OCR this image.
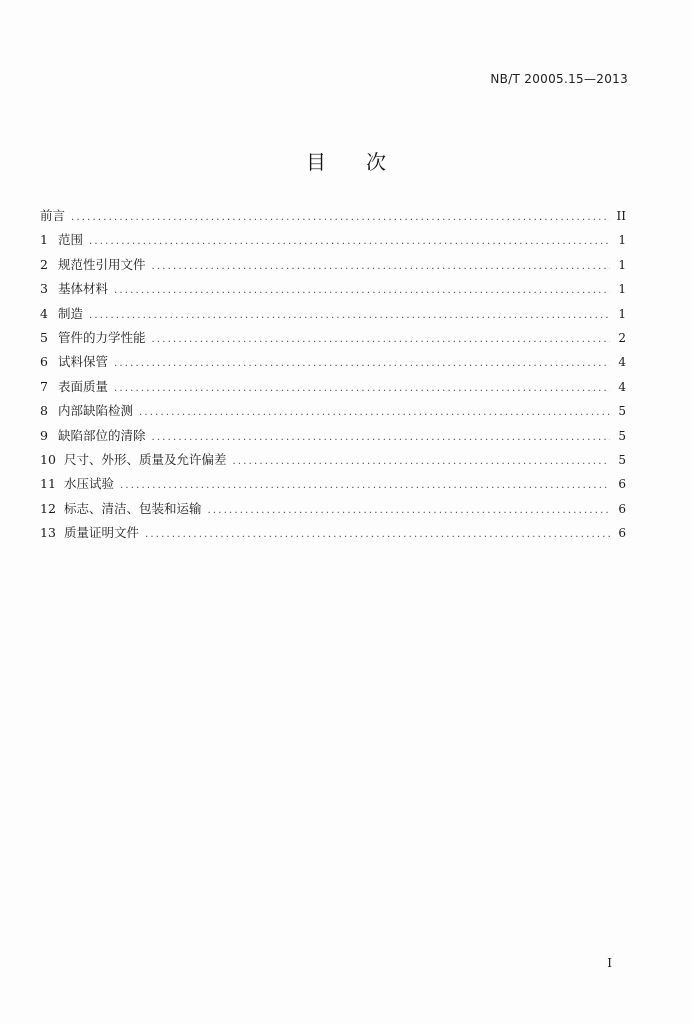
NB/T 20005.15—2013
目次
前言 .....	II
1 范围 .....	1
2 规范性引用文件 .....	1
3 基体材料 .....	1
4 制造 .....	1
5 管件的力学性能 .....	2
6 试料保管 .....	4
7 表面质量 .....	4
8 内部缺陷检测 .....	5
9 缺陷部位的清除 .....	5
10 尺寸、外形、质量及允许偏差 .....	5
11 水压试验 .....	6
12 标志、清洁、包装和运输 .....	6
13 质量证明文件 .....	6
I
